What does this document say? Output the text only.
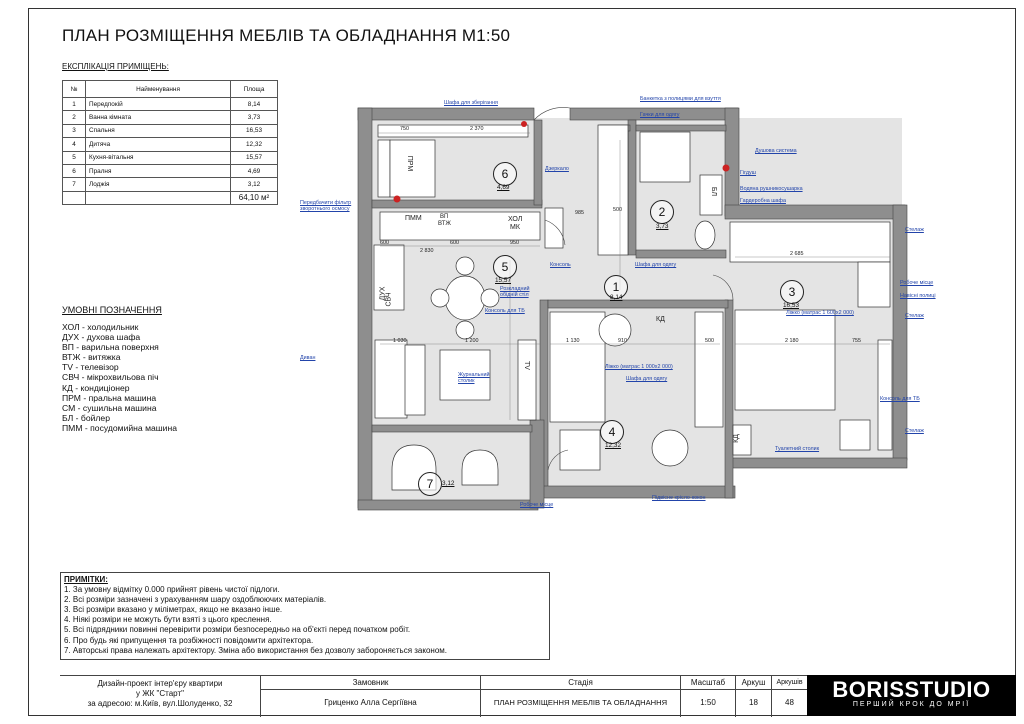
ПЛАН РОЗМІЩЕННЯ МЕБЛІВ ТА ОБЛАДНАННЯ М1:50
ЕКСПЛІКАЦІЯ ПРИМІЩЕНЬ:
№	Найменування	Площа
1	Передпокій	8,14
2	Ванна кімната	3,73
3	Спальня	16,53
4	Дитяча	12,32
5	Кухня-вітальня	15,57
6	Пралня	4,69
7	Лоджія	3,12
		64,10 м²
УМОВНІ ПОЗНАЧЕННЯ
ХОЛ - холодильник
ДУХ - духова шафа
ВП - варильна поверхня
ВТЖ - витяжка
TV - телевізор
СВЧ - мікрохвильова піч
КД - кондиціонер
ПРМ - пральна машина
СМ - сушильна машина
БЛ - бойлер
ПММ - посудомийна машина
1
8,14
2
3,73
3
16,53
4
12,32
5
15,57
6
4,69
7	3,12
ПММ	ВП
ВТЖ
ХОЛ
МК
ПРМ
ДУХ СВЧ
КД
КД
TV
БЛ
Шафа для зберігання
Банкетка з полицями для взуття
Гачки для одягу
Душова система
Гігдуш
Водяна рушникосушарка
Гардеробна шафа
Передбачити фільтр зворотнього осмосу
Дзеркало
Консоль
Розкладний обідній стіл
Консоль для ТБ
Шафа для одягу
Диван
Журнальний столик
Стелаж
Робоче місце
Навісні полиці
Стелаж
Ліжко (матрас 1 600х2 000)
Ліжко (матрас 1 000х2 000)
Шафа для одягу
Консоль для ТБ
Туалетний столик
Стелаж
Підвісне крісло-кокон
Робоче місце
750	2 370
985	500
600	600	950
2 830	2 685
1 030	1 200	1 130	910	500	2 180	755
ПРИМІТКИ:
1. За умовну відмітку 0.000 прийнят рівень чистої підлоги.
2. Всі розміри зазначені з урахуванням шару оздоблюючих матеріалів.
3. Всі розміри вказано у міліметрах, якщо не вказано інше.
4. Ніякі розміри не можуть бути взяті з цього креслення.
5. Всі підрядники повинні перевірити розміри безпосередньо на об'єкті перед початком робіт.
6. Про будь які припущення та розбіжності повідомити архітектора.
7. Авторські права належать архітектору. Зміна або використання без дозволу забороняється законом.
Дизайн-проект інтер'єру квартири
у ЖК "Старт"
за адресою: м.Київ, вул.Шолуденко, 32
Замовник
Гриценко Алла Сергіївна
Стадія
ПЛАН РОЗМІЩЕННЯ МЕБЛІВ ТА ОБЛАДНАННЯ
Масштаб
1:50
Аркуш
18
Аркушів
48
BORISSTUDIO
ПЕРШИЙ КРОК ДО МРІЇ
